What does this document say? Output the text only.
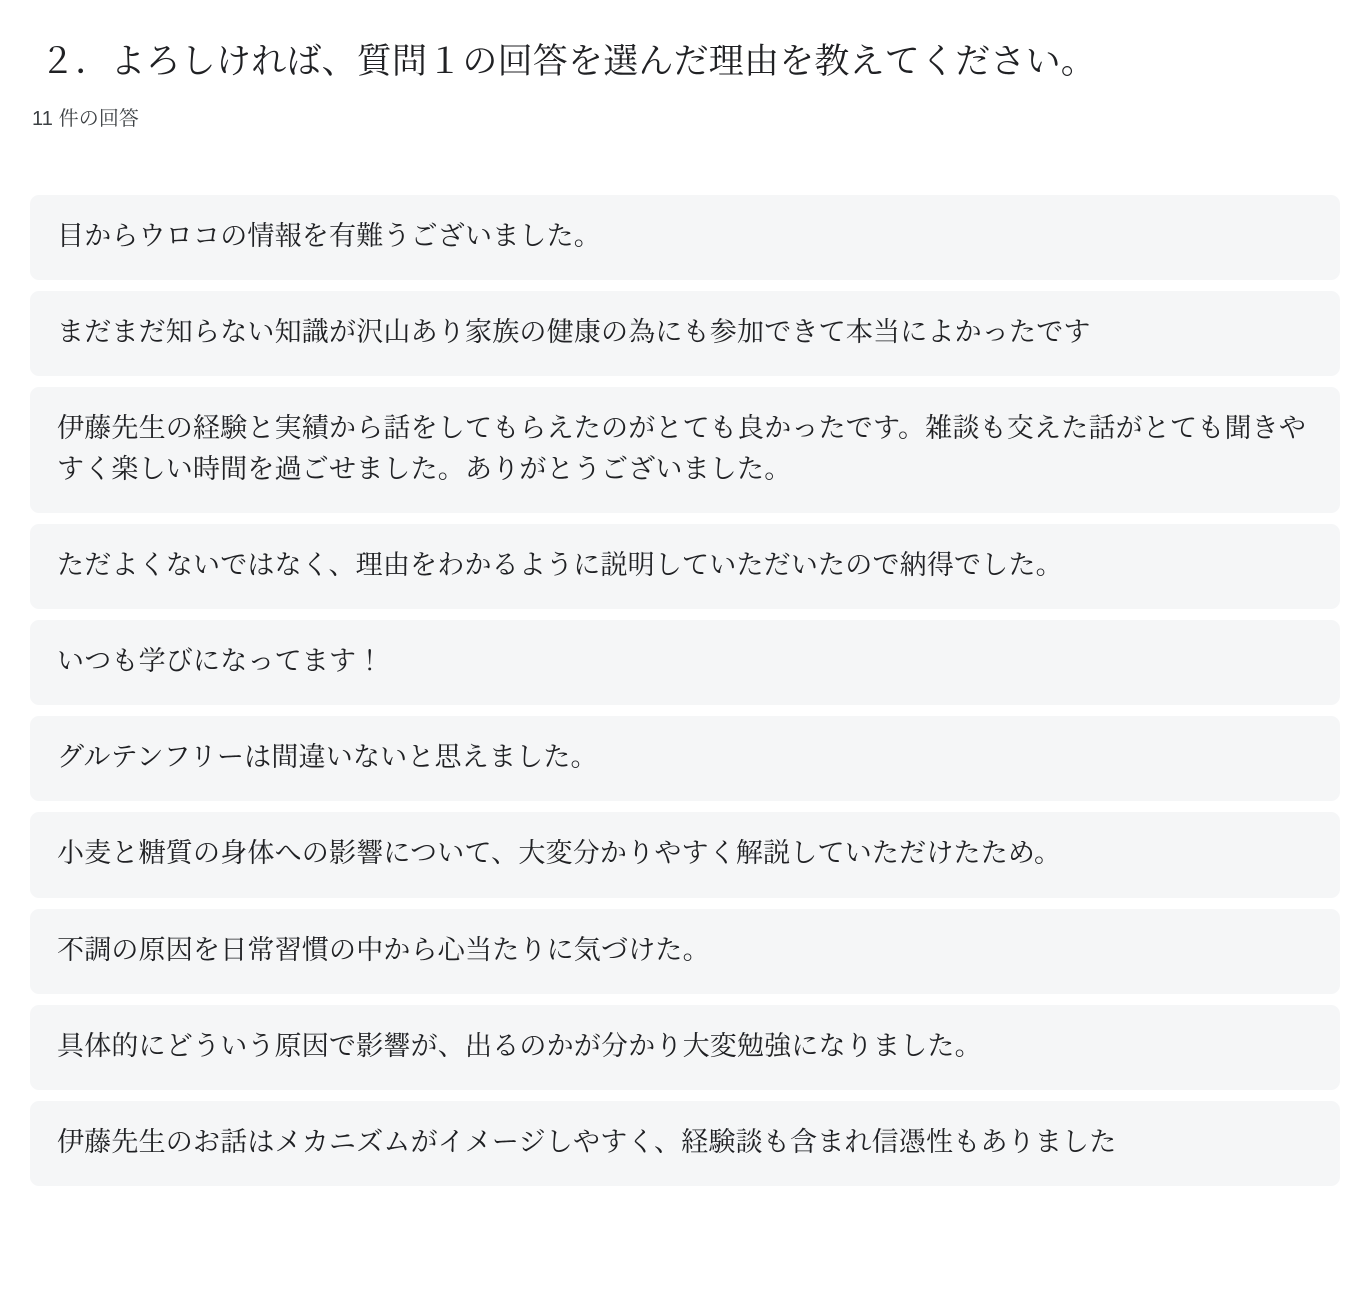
２．よろしければ、質問１の回答を選んだ理由を教えてください。
11 件の回答
目からウロコの情報を有難うございました。
まだまだ知らない知識が沢山あり家族の健康の為にも参加できて本当によかったです
伊藤先生の経験と実績から話をしてもらえたのがとても良かったです。雑談も交えた話がとても聞きやすく楽しい時間を過ごせました。ありがとうございました。
ただよくないではなく、理由をわかるように説明していただいたので納得でした。
いつも学びになってます！
グルテンフリーは間違いないと思えました。
小麦と糖質の身体への影響について、大変分かりやすく解説していただけたため。
不調の原因を日常習慣の中から心当たりに気づけた。
具体的にどういう原因で影響が、出るのかが分かり大変勉強になりました。
伊藤先生のお話はメカニズムがイメージしやすく、経験談も含まれ信憑性もありました
